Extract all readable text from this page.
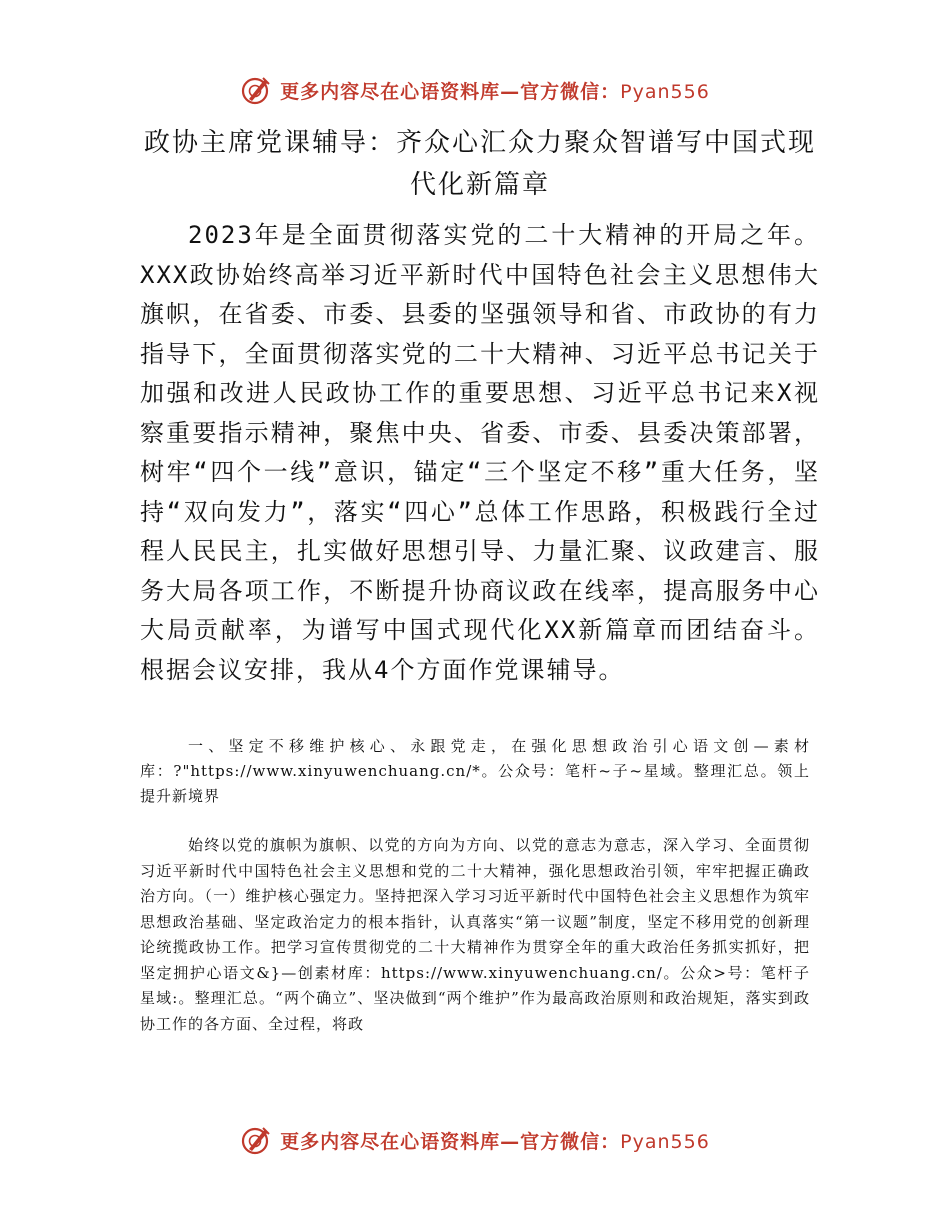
更多内容尽在心语资料库—官方微信：Pyan556
政协主席党课辅导：齐众心汇众力聚众智谱写中国式现代化新篇章
2023年是全面贯彻落实党的二十大精神的开局之年。XXX政协始终高举习近平新时代中国特色社会主义思想伟大旗帜，在省委、市委、县委的坚强领导和省、市政协的有力指导下，全面贯彻落实党的二十大精神、习近平总书记关于加强和改进人民政协工作的重要思想、习近平总书记来X视察重要指示精神，聚焦中央、省委、市委、县委决策部署，树牢“四个一线”意识，锚定“三个坚定不移”重大任务，坚持“双向发力”，落实“四心”总体工作思路，积极践行全过程人民民主，扎实做好思想引导、力量汇聚、议政建言、服务大局各项工作，不断提升协商议政在线率，提高服务中心大局贡献率，为谱写中国式现代化XX新篇章而团结奋斗。根据会议安排，我从4个方面作党课辅导。
一、坚定不移维护核心、永跟党走，在强化思想政治引心语文创—素材库：?"https://www.xinyuwenchuang.cn/*。公众号：笔杆~子~星域。整理汇总。领上提升新境界
始终以党的旗帜为旗帜、以党的方向为方向、以党的意志为意志，深入学习、全面贯彻习近平新时代中国特色社会主义思想和党的二十大精神，强化思想政治引领，牢牢把握正确政治方向。（一）维护核心强定力。坚持把深入学习习近平新时代中国特色社会主义思想作为筑牢思想政治基础、坚定政治定力的根本指针，认真落实“第一议题”制度，坚定不移用党的创新理论统揽政协工作。把学习宣传贯彻党的二十大精神作为贯穿全年的重大政治任务抓实抓好，把坚定拥护心语文&}—创素材库：https://www.xinyuwenchuang.cn/。公众>号：笔杆子星域:。整理汇总。“两个确立”、坚决做到“两个维护”作为最高政治原则和政治规矩，落实到政协工作的各方面、全过程，将政
更多内容尽在心语资料库—官方微信：Pyan556
